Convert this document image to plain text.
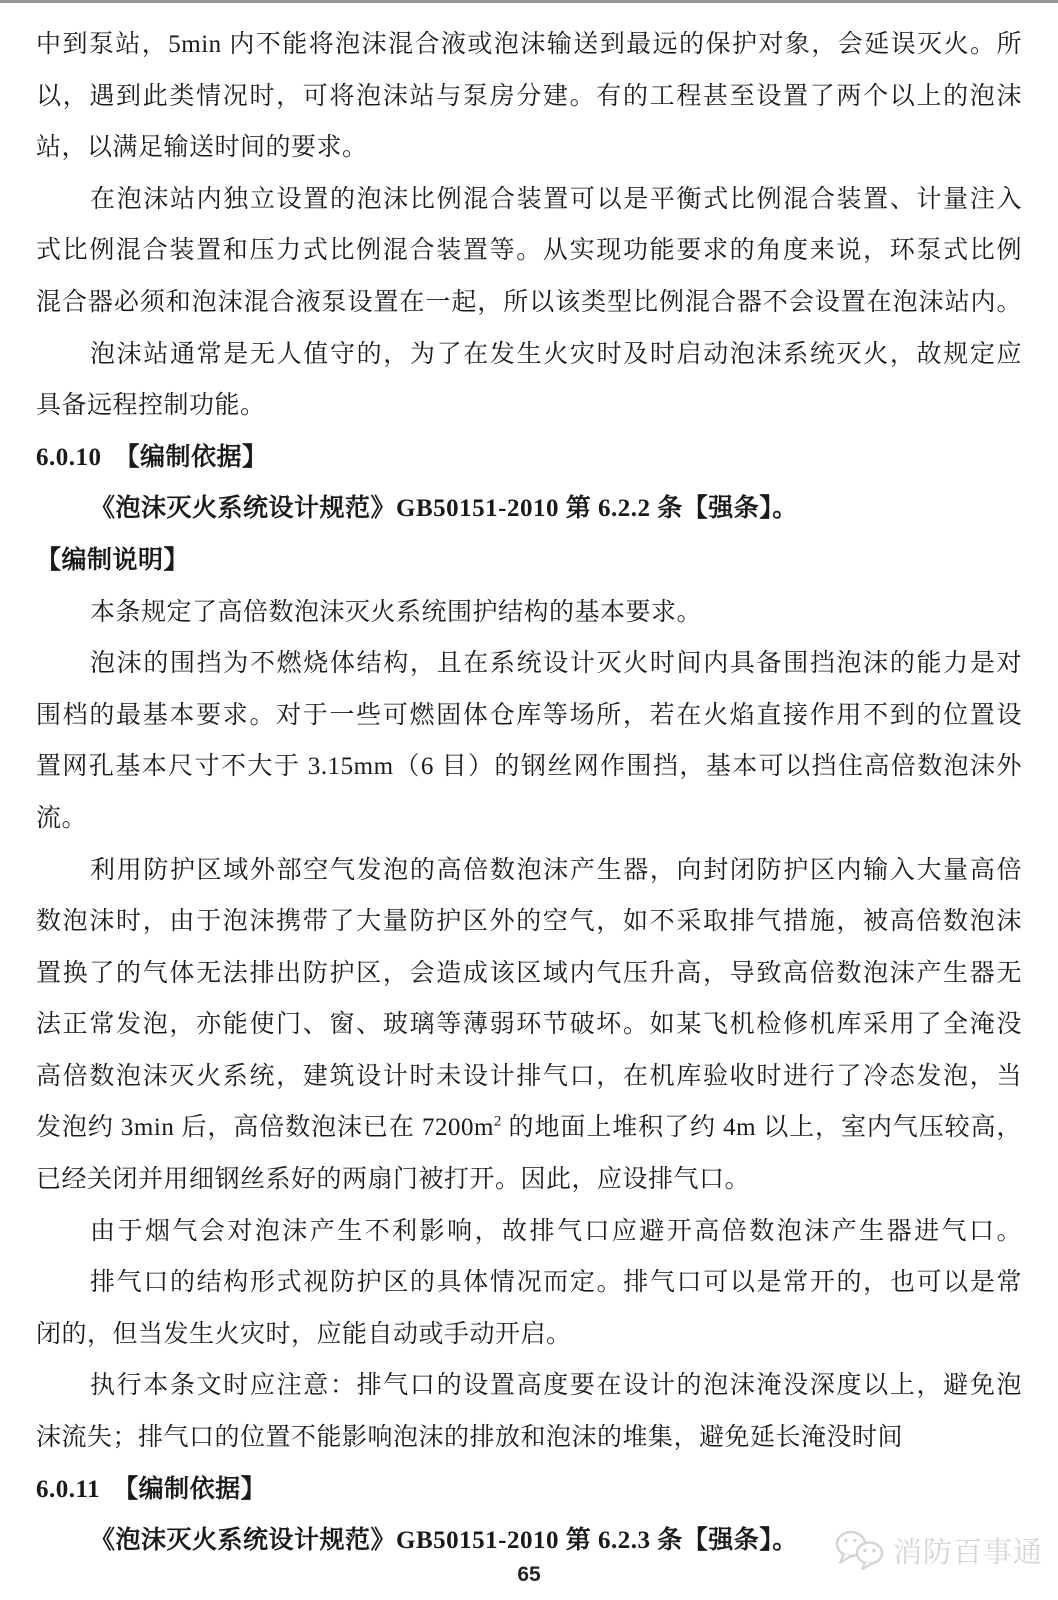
中到泵站，5min 内不能将泡沫混合液或泡沫输送到最远的保护对象，会延误灭火。所
以，遇到此类情况时，可将泡沫站与泵房分建。有的工程甚至设置了两个以上的泡沫
站，以满足输送时间的要求。
在泡沫站内独立设置的泡沫比例混合装置可以是平衡式比例混合装置、计量注入
式比例混合装置和压力式比例混合装置等。从实现功能要求的角度来说，环泵式比例
混合器必须和泡沫混合液泵设置在一起，所以该类型比例混合器不会设置在泡沫站内。
泡沫站通常是无人值守的，为了在发生火灾时及时启动泡沫系统灭火，故规定应
具备远程控制功能。
6.0.10　【编制依据】
《泡沫灭火系统设计规范》GB50151-2010 第 6.2.2 条【强条】。
【编制说明】
本条规定了高倍数泡沫灭火系统围护结构的基本要求。
泡沫的围挡为不燃烧体结构，且在系统设计灭火时间内具备围挡泡沫的能力是对
围档的最基本要求。对于一些可燃固体仓库等场所，若在火焰直接作用不到的位置设
置网孔基本尺寸不大于 3.15mm（6 目）的钢丝网作围挡，基本可以挡住高倍数泡沫外
流。
利用防护区域外部空气发泡的高倍数泡沫产生器，向封闭防护区内输入大量高倍
数泡沫时，由于泡沫携带了大量防护区外的空气，如不采取排气措施，被高倍数泡沫
置换了的气体无法排出防护区，会造成该区域内气压升高，导致高倍数泡沫产生器无
法正常发泡，亦能使门、窗、玻璃等薄弱环节破坏。如某飞机检修机库采用了全淹没
高倍数泡沫灭火系统，建筑设计时未设计排气口，在机库验收时进行了冷态发泡，当
发泡约 3min 后，高倍数泡沫已在 $7200m^2$ 的地面上堆积了约 4m 以上，室内气压较高，
已经关闭并用细钢丝系好的两扇门被打开。因此，应设排气口。
由于烟气会对泡沫产生不利影响，故排气口应避开高倍数泡沫产生器进气口。
排气口的结构形式视防护区的具体情况而定。排气口可以是常开的，也可以是常
闭的，但当发生火灾时，应能自动或手动开启。
执行本条文时应注意：排气口的设置高度要在设计的泡沫淹没深度以上，避免泡
沫流失；排气口的位置不能影响泡沫的排放和泡沫的堆集，避免延长淹没时间
6.0.11　【编制依据】
《泡沫灭火系统设计规范》GB50151-2010 第 6.2.3 条【强条】。
65
消防百事通
